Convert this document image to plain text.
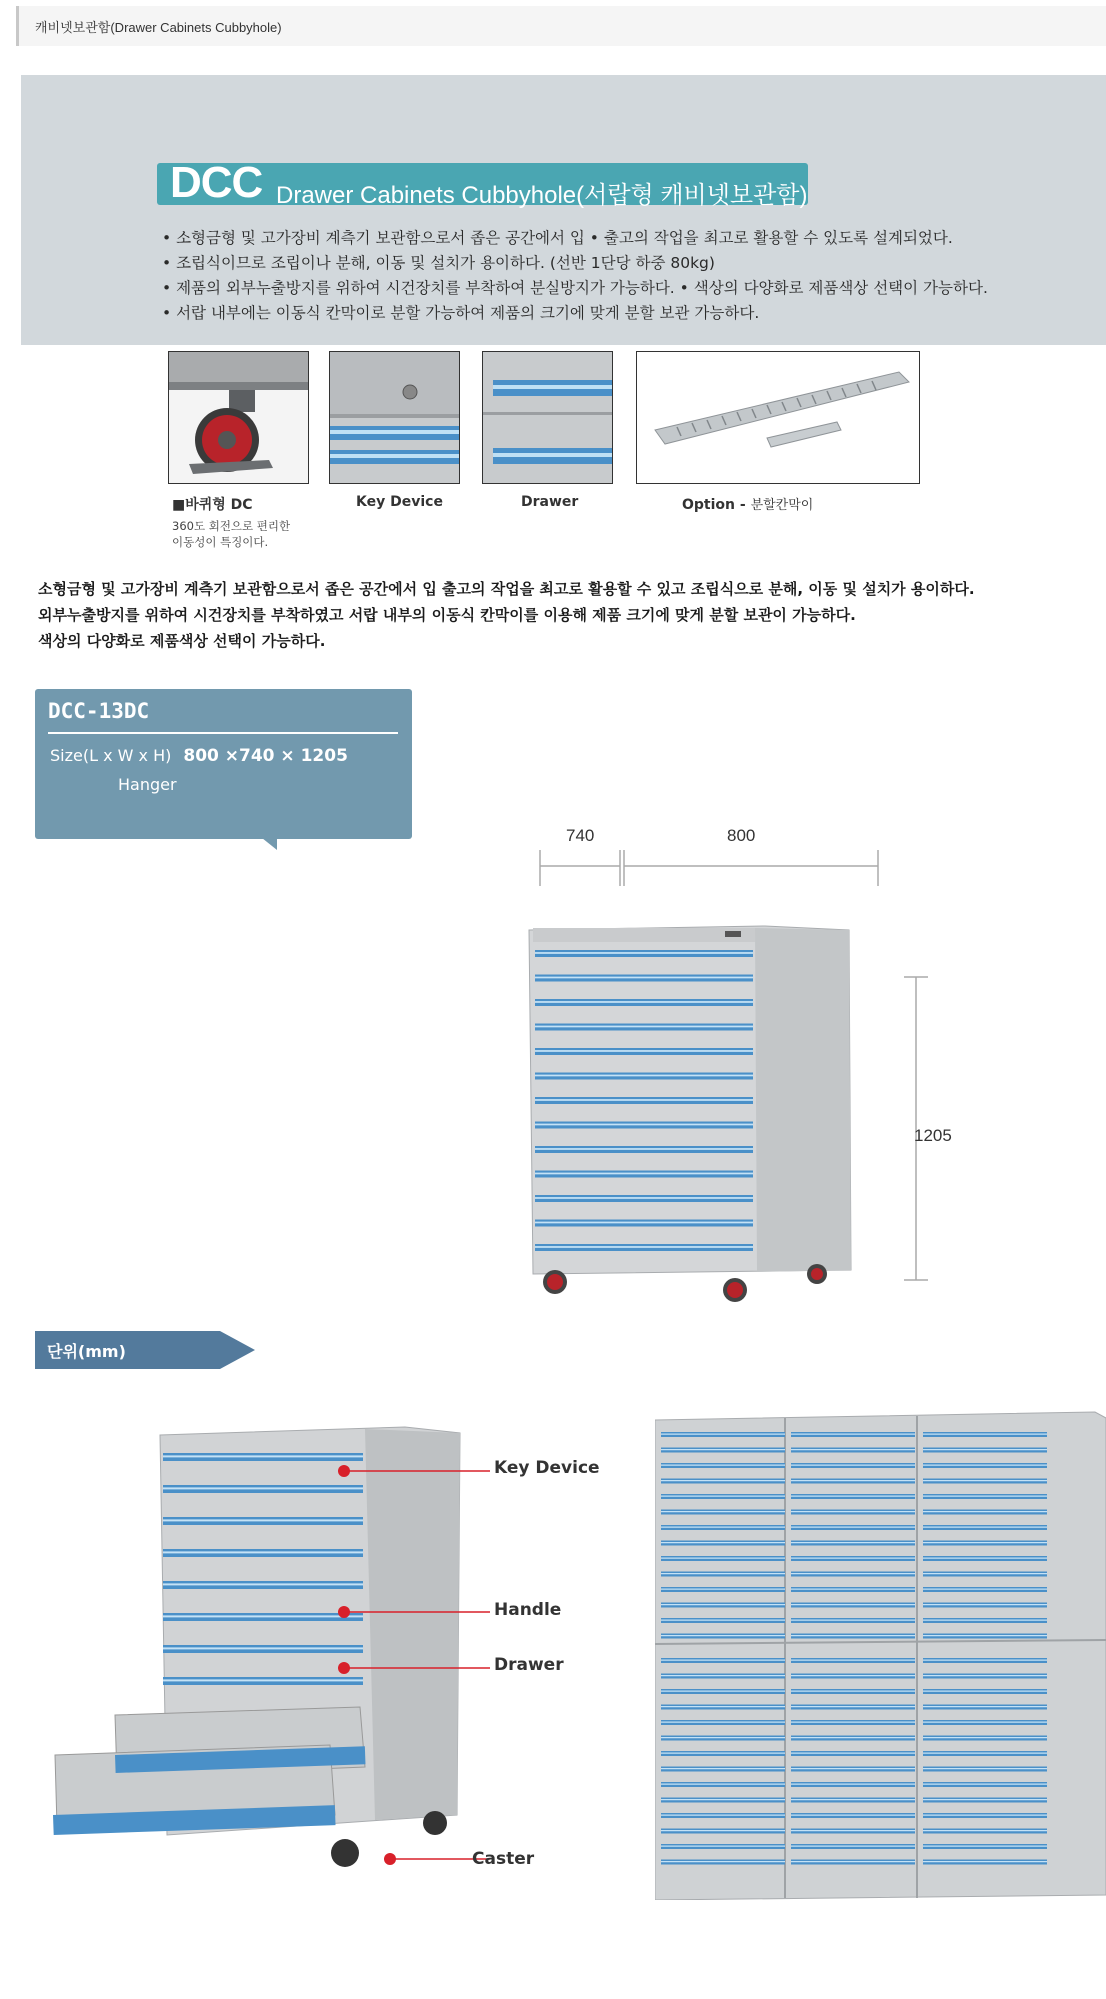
캐비넷보관함(Drawer Cabinets Cubbyhole)
DCC Drawer Cabinets Cubbyhole(서랍형 캐비넷보관함)
• 소형금형 및 고가장비 계측기 보관함으로서 좁은 공간에서 입 • 출고의 작업을 최고로 활용할 수 있도록 설계되었다.
• 조립식이므로 조립이나 분해, 이동 및 설치가 용이하다. (선반 1단당 하중 80kg)
• 제품의 외부누출방지를 위하여 시건장치를 부착하여 분실방지가 가능하다. • 색상의 다양화로 제품색상 선택이 가능하다.
• 서랍 내부에는 이동식 칸막이로 분할 가능하여 제품의 크기에 맞게 분할 보관 가능하다.
■바퀴형 DC
360도 회전으로 편리한
이동성이 특징이다.
Key Device	Drawer	Option - 분할칸막이
소형금형 및 고가장비 계측기 보관함으로서 좁은 공간에서 입 출고의 작업을 최고로 활용할 수 있고 조립식으로 분해, 이동 및 설치가 용이하다.
외부누출방지를 위하여 시건장치를 부착하였고 서랍 내부의 이동식 칸막이를 이용해 제품 크기에 맞게 분할 보관이 가능하다.
색상의 다양화로 제품색상 선택이 가능하다.
DCC-13DC
Size(L x W x H) 800 ×740 × 1205
Hanger
740	800
1205
단위(mm)
Key Device
Handle
Drawer
Caster
